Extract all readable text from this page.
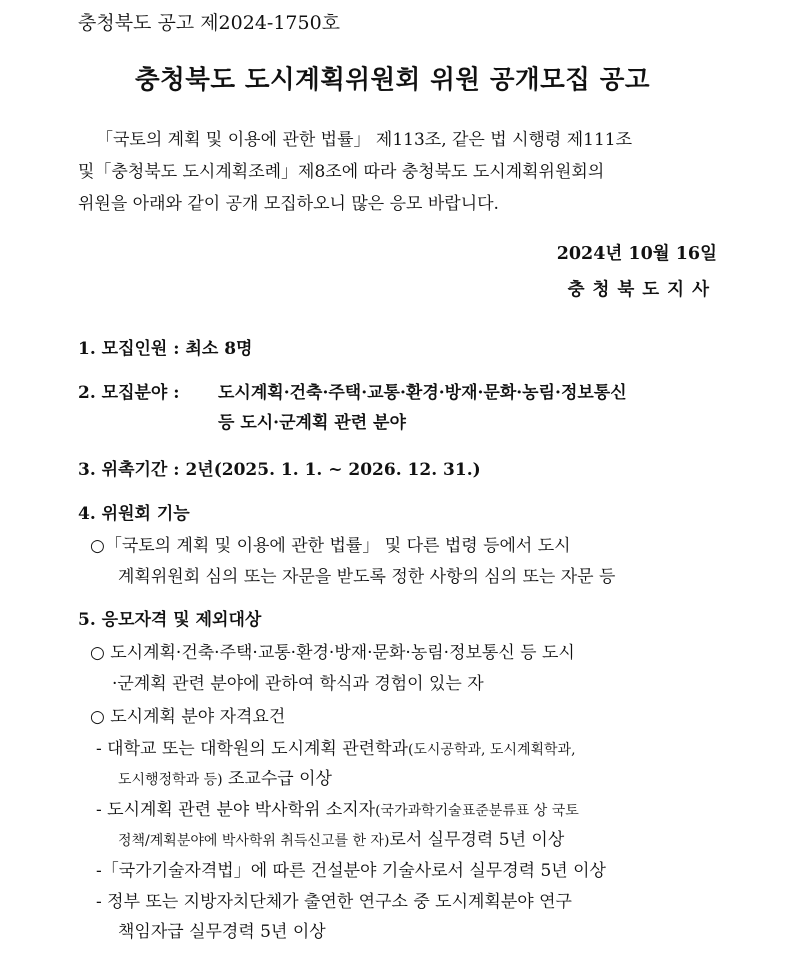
충청북도 공고 제2024-1750호
충청북도 도시계획위원회 위원 공개모집 공고
「국토의 계획 및 이용에 관한 법률」 제113조, 같은 법 시행령 제111조
및「충청북도 도시계획조례」제8조에 따라 충청북도 도시계획위원회의
위원을 아래와 같이 공개 모집하오니 많은 응모 바랍니다.
2024년 10월 16일
충청북도지사
1. 모집인원 : 최소 8명
2. 모집분야 : 도시계획·건축·주택·교통·환경·방재·문화·농림·정보통신
등 도시·군계획 관련 분야
3. 위촉기간 : 2년(2025. 1. 1. ~ 2026. 12. 31.)
4. 위원회 기능
○「국토의 계획 및 이용에 관한 법률」 및 다른 법령 등에서 도시
계획위원회 심의 또는 자문을 받도록 정한 사항의 심의 또는 자문 등
5. 응모자격 및 제외대상
○ 도시계획·건축·주택·교통·환경·방재·문화·농림·정보통신 등 도시
·군계획 관련 분야에 관하여 학식과 경험이 있는 자
○ 도시계획 분야 자격요건
- 대학교 또는 대학원의 도시계획 관련학과(도시공학과, 도시계획학과,
도시행정학과 등) 조교수급 이상
- 도시계획 관련 분야 박사학위 소지자(국가과학기술표준분류표 상 국토
정책/계획분야에 박사학위 취득신고를 한 자)로서 실무경력 5년 이상
-「국가기술자격법」에 따른 건설분야 기술사로서 실무경력 5년 이상
- 정부 또는 지방자치단체가 출연한 연구소 중 도시계획분야 연구
책임자급 실무경력 5년 이상
